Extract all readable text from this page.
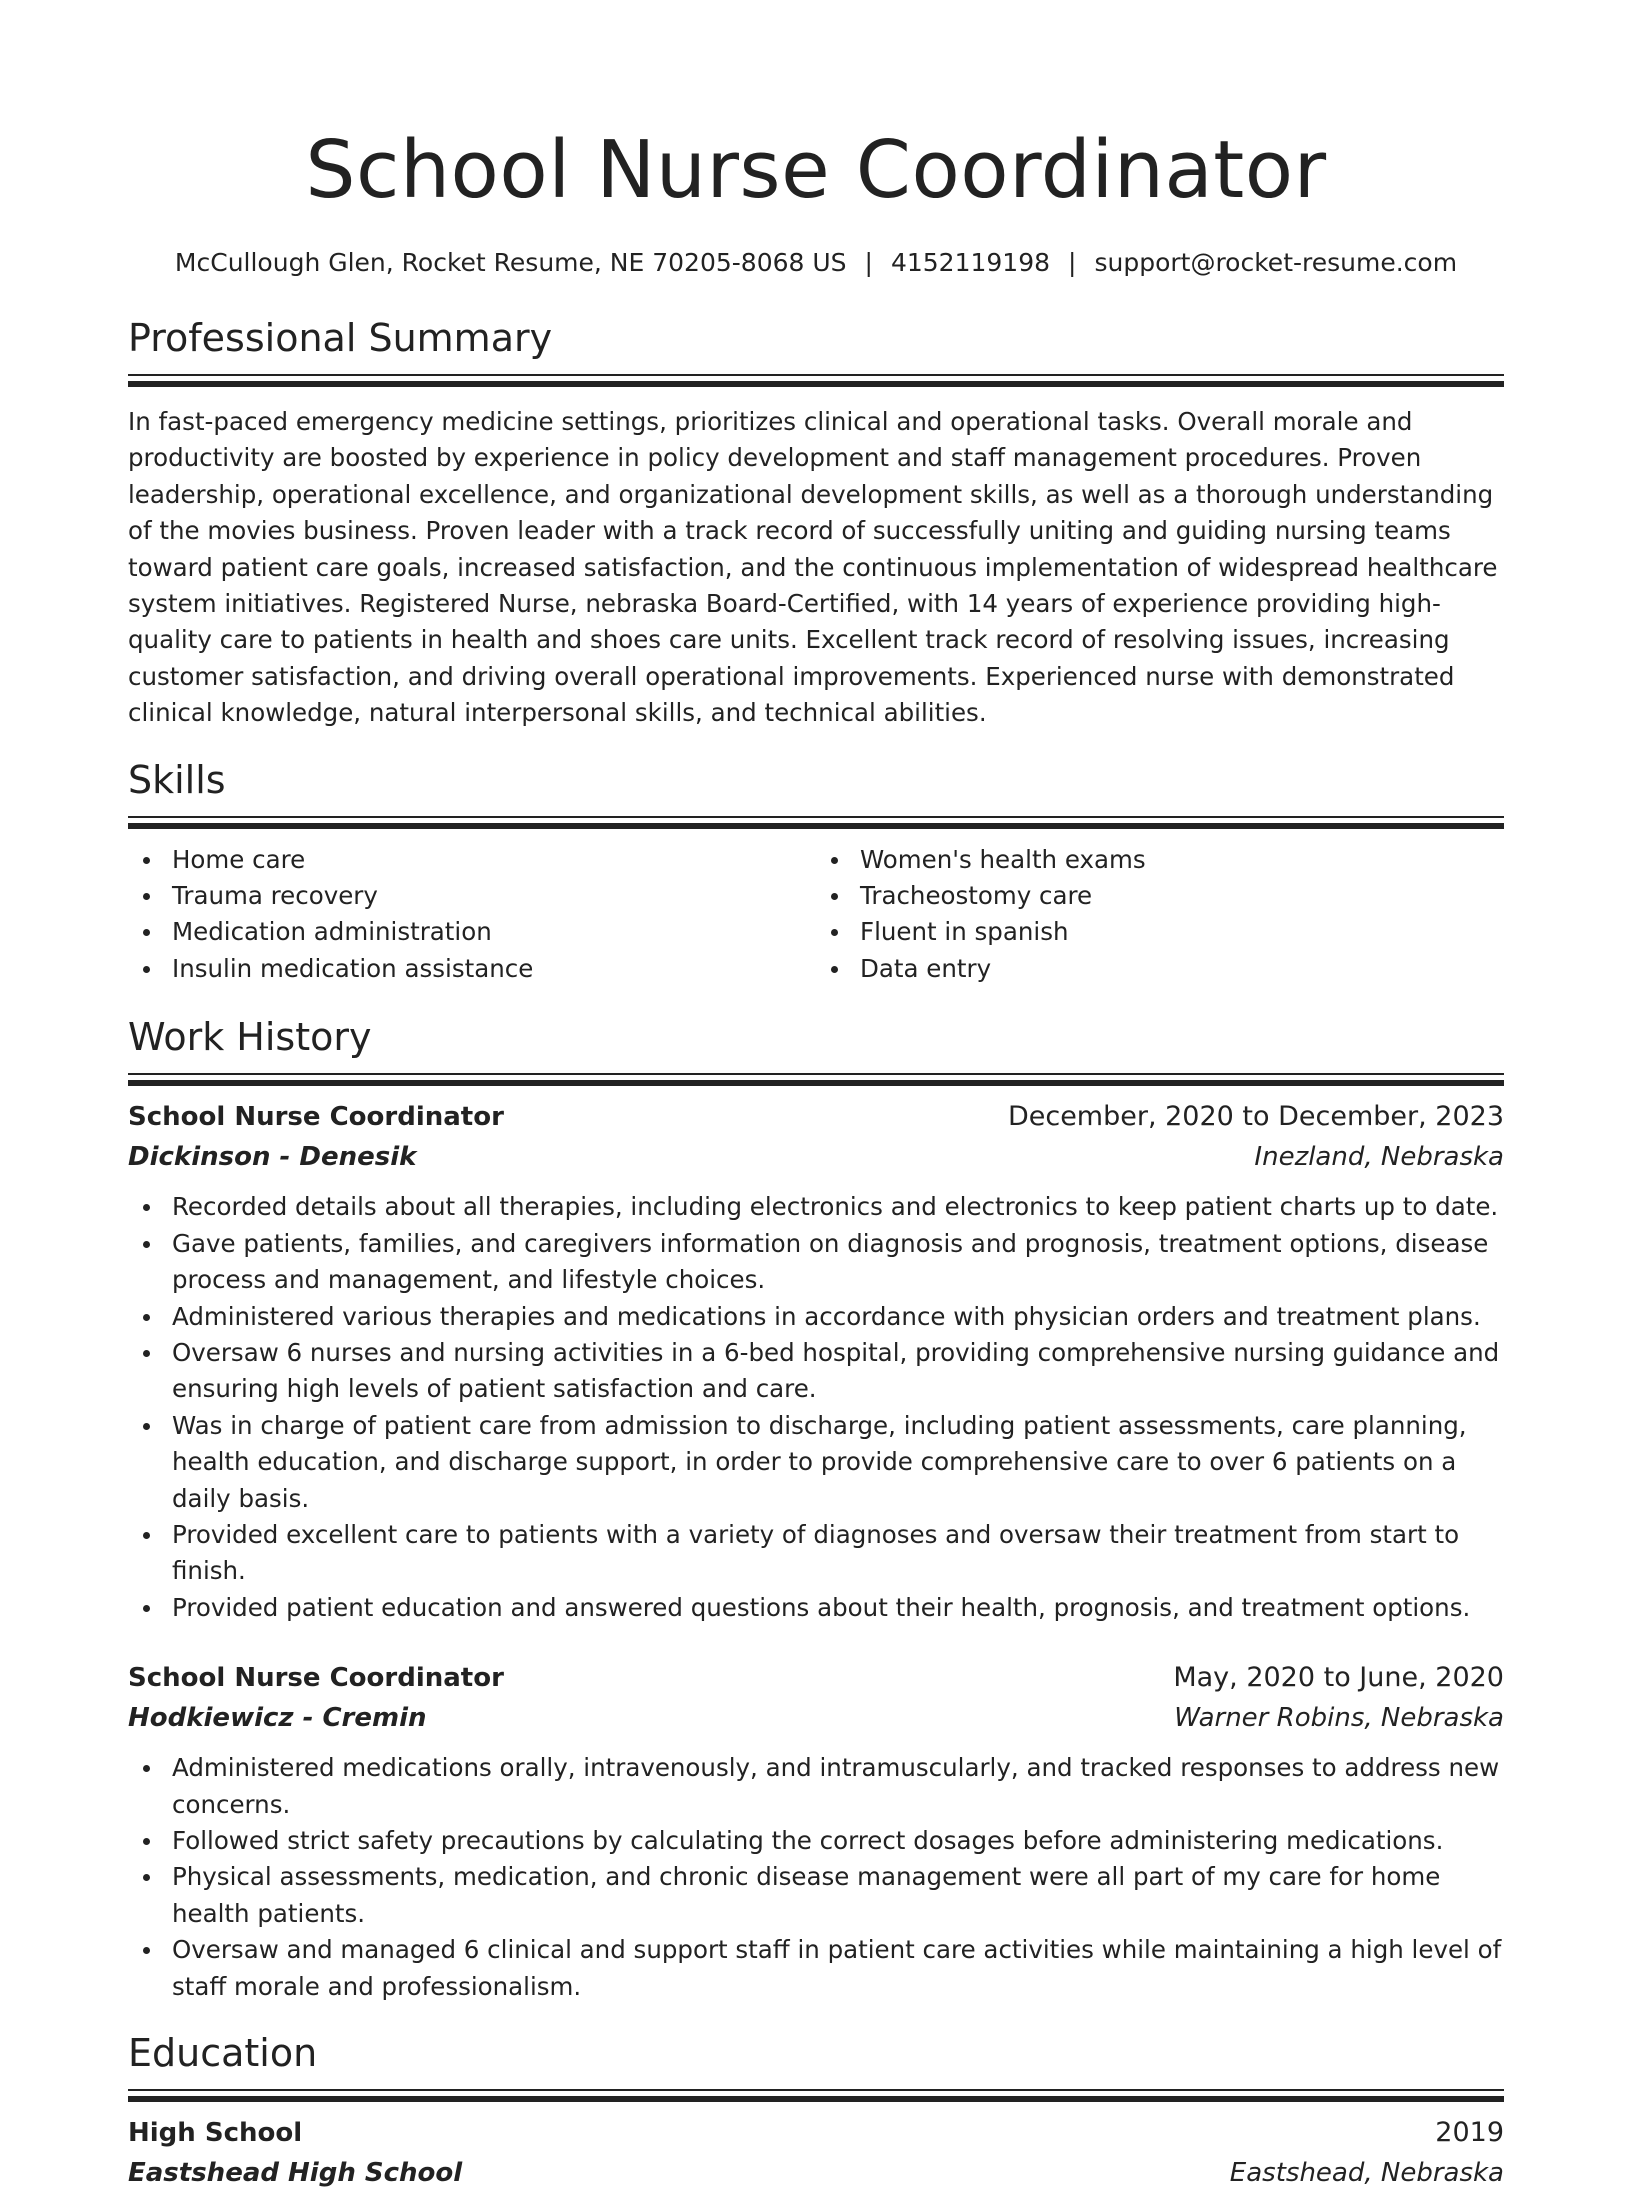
School Nurse Coordinator
McCullough Glen, Rocket Resume, NE 70205-8068 US | 4152119198 | support@rocket-resume.com
Professional Summary

In fast-paced emergency medicine settings, prioritizes clinical and operational tasks. Overall morale and productivity are boosted by experience in policy development and staff management procedures. Proven leadership, operational excellence, and organizational development skills, as well as a thorough understanding of the movies business. Proven leader with a track record of successfully uniting and guiding nursing teams toward patient care goals, increased satisfaction, and the continuous implementation of widespread healthcare system initiatives. Registered Nurse, nebraska Board-Certified, with 14 years of experience providing high-quality care to patients in health and shoes care units. Excellent track record of resolving issues, increasing customer satisfaction, and driving overall operational improvements. Experienced nurse with demonstrated clinical knowledge, natural interpersonal skills, and technical abilities.

Skills
Home care
Trauma recovery
Medication administration
Insulin medication assistance
Women's health exams
Tracheostomy care
Fluent in spanish
Data entry
Work History
School Nurse Coordinator	December, 2020 to December, 2023
Dickinson - Denesik	Inezland, Nebraska
Recorded details about all therapies, including electronics and electronics to keep patient charts up to date.
Gave patients, families, and caregivers information on diagnosis and prognosis, treatment options, disease process and management, and lifestyle choices.
Administered various therapies and medications in accordance with physician orders and treatment plans.
Oversaw 6 nurses and nursing activities in a 6-bed hospital, providing comprehensive nursing guidance and ensuring high levels of patient satisfaction and care.
Was in charge of patient care from admission to discharge, including patient assessments, care planning, health education, and discharge support, in order to provide comprehensive care to over 6 patients on a daily basis.
Provided excellent care to patients with a variety of diagnoses and oversaw their treatment from start to finish.
Provided patient education and answered questions about their health, prognosis, and treatment options.
School Nurse Coordinator	May, 2020 to June, 2020
Hodkiewicz - Cremin	Warner Robins, Nebraska
Administered medications orally, intravenously, and intramuscularly, and tracked responses to address new concerns.
Followed strict safety precautions by calculating the correct dosages before administering medications.
Physical assessments, medication, and chronic disease management were all part of my care for home health patients.
Oversaw and managed 6 clinical and support staff in patient care activities while maintaining a high level of staff morale and professionalism.
Education
High School	2019
Eastshead High School	Eastshead, Nebraska
